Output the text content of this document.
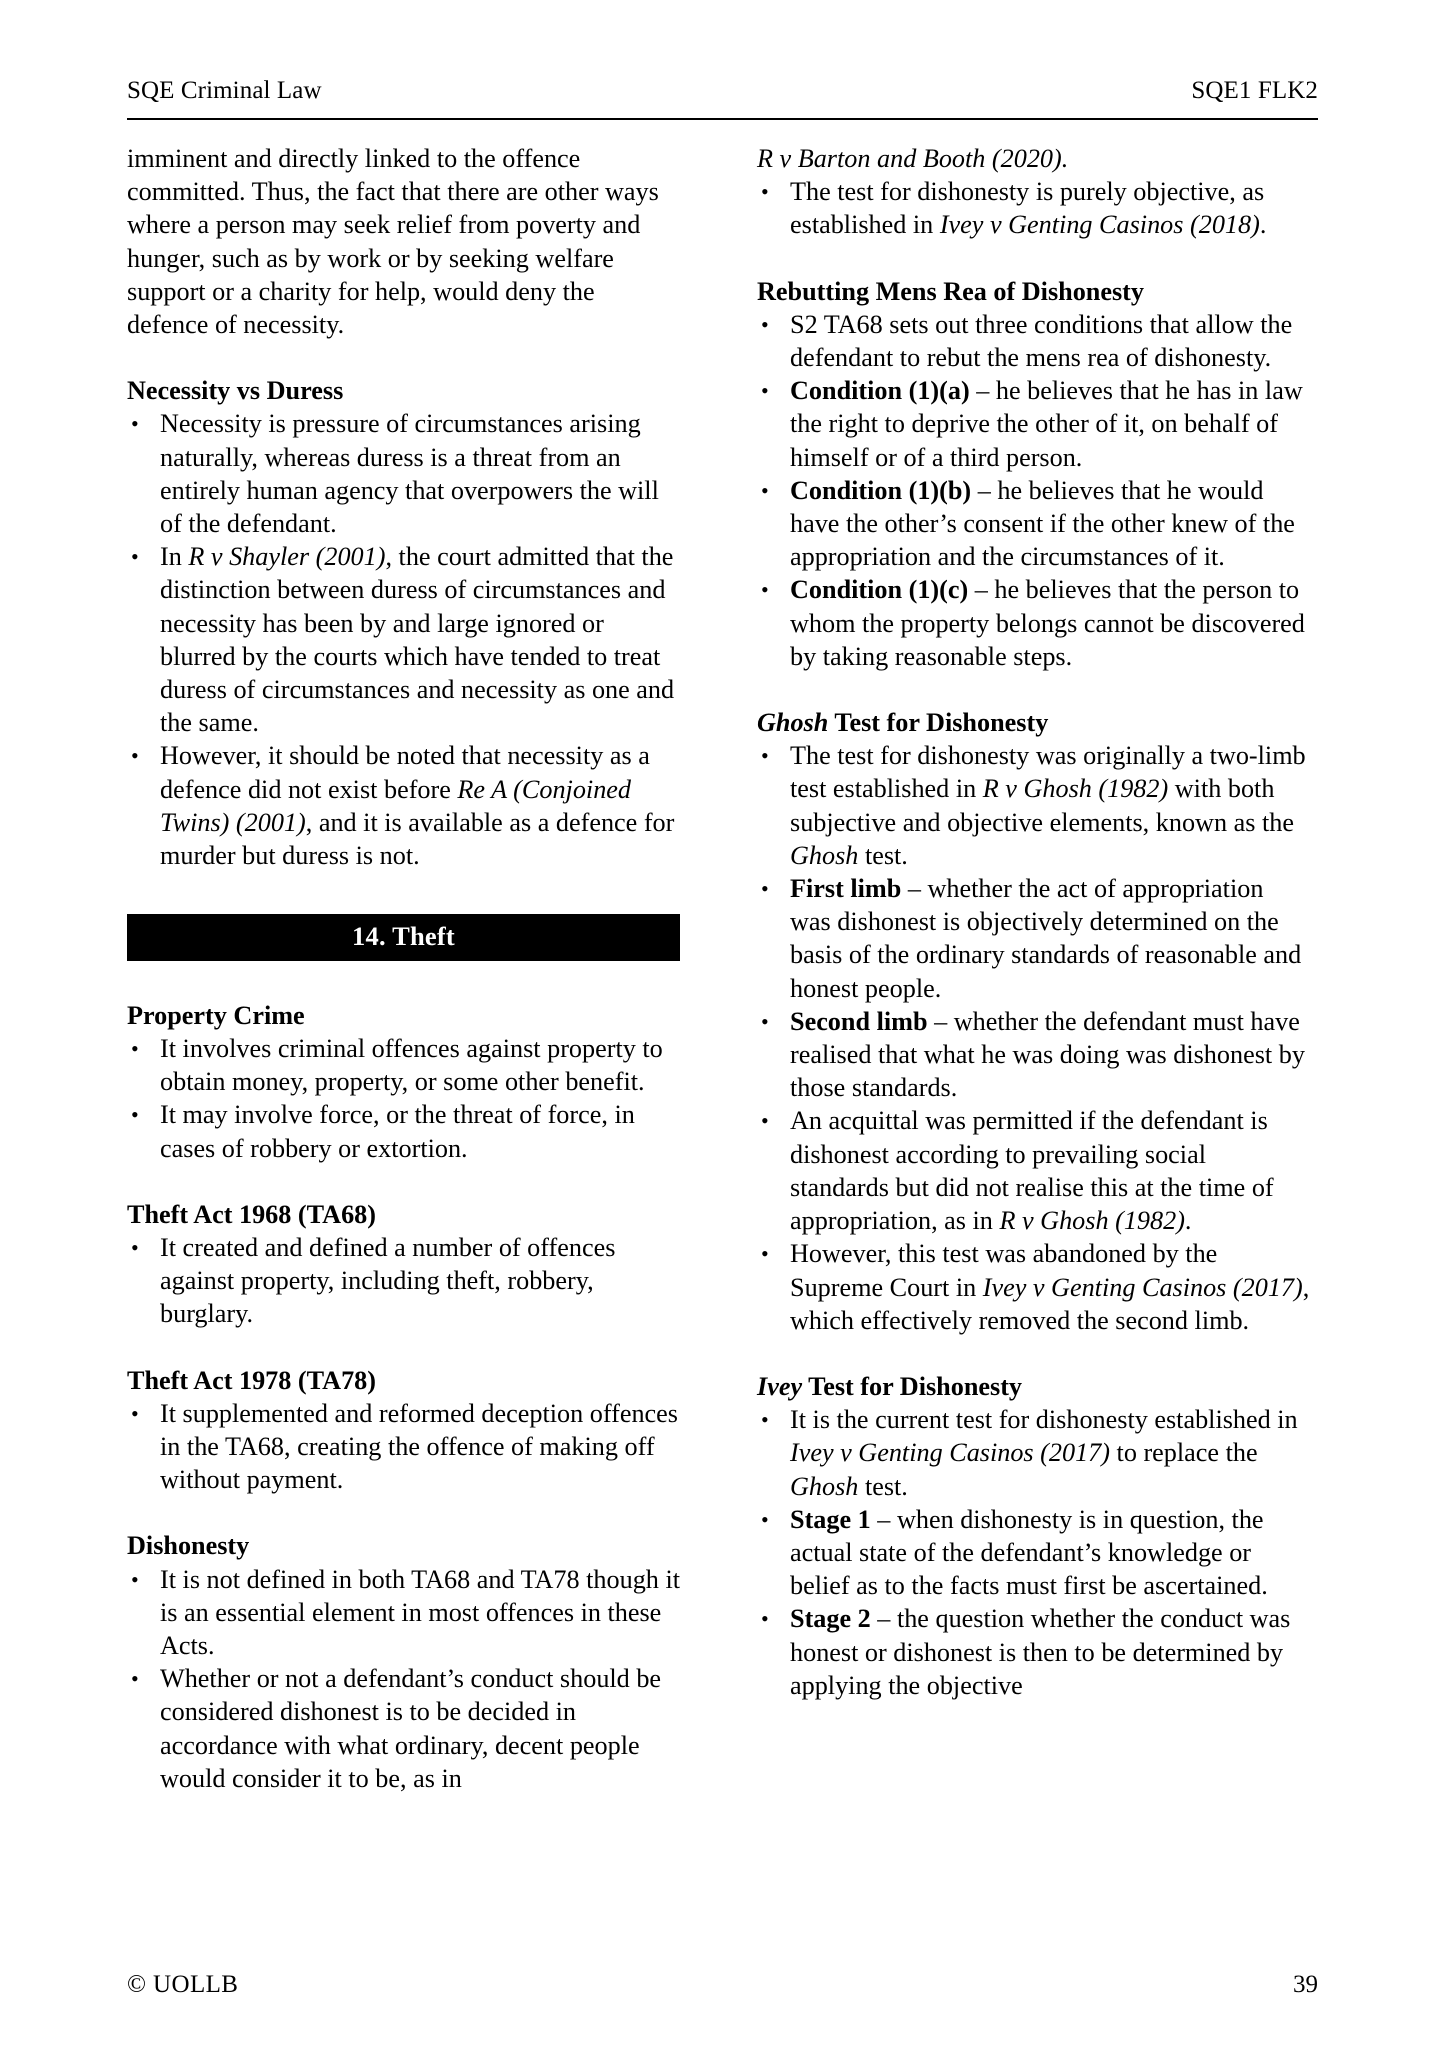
SQE Criminal Law	SQE1 FLK2

imminent and directly linked to the offence committed. Thus, the fact that there are other ways where a person may seek relief from poverty and hunger, such as by work or by seeking welfare support or a charity for help, would deny the defence of necessity.

Necessity vs Duress
• Necessity is pressure of circumstances arising naturally, whereas duress is a threat from an entirely human agency that overpowers the will of the defendant.
• In R v Shayler (2001), the court admitted that the distinction between duress of circumstances and necessity has been by and large ignored or blurred by the courts which have tended to treat duress of circumstances and necessity as one and the same.
• However, it should be noted that necessity as a defence did not exist before Re A (Conjoined Twins) (2001), and it is available as a defence for murder but duress is not.
14. Theft
Property Crime
• It involves criminal offences against property to obtain money, property, or some other benefit.
• It may involve force, or the threat of force, in cases of robbery or extortion.
Theft Act 1968 (TA68)
• It created and defined a number of offences against property, including theft, robbery, burglary.
Theft Act 1978 (TA78)
• It supplemented and reformed deception offences in the TA68, creating the offence of making off without payment.
Dishonesty
• It is not defined in both TA68 and TA78 though it is an essential element in most offences in these Acts.
• Whether or not a defendant’s conduct should be considered dishonest is to be decided in accordance with what ordinary, decent people would consider it to be, as in

R v Barton and Booth (2020).

• The test for dishonesty is purely objective, as established in Ivey v Genting Casinos (2018).
Rebutting Mens Rea of Dishonesty
• S2 TA68 sets out three conditions that allow the defendant to rebut the mens rea of dishonesty.
• Condition (1)(a) – he believes that he has in law the right to deprive the other of it, on behalf of himself or of a third person.
• Condition (1)(b) – he believes that he would have the other’s consent if the other knew of the appropriation and the circumstances of it.
• Condition (1)(c) – he believes that the person to whom the property belongs cannot be discovered by taking reasonable steps.
Ghosh Test for Dishonesty
• The test for dishonesty was originally a two-limb test established in R v Ghosh (1982) with both subjective and objective elements, known as the Ghosh test.
• First limb – whether the act of appropriation was dishonest is objectively determined on the basis of the ordinary standards of reasonable and honest people.
• Second limb – whether the defendant must have realised that what he was doing was dishonest by those standards.
• An acquittal was permitted if the defendant is dishonest according to prevailing social standards but did not realise this at the time of appropriation, as in R v Ghosh (1982).
• However, this test was abandoned by the Supreme Court in Ivey v Genting Casinos (2017), which effectively removed the second limb.
Ivey Test for Dishonesty
• It is the current test for dishonesty established in Ivey v Genting Casinos (2017) to replace the Ghosh test.
• Stage 1 – when dishonesty is in question, the actual state of the defendant’s knowledge or belief as to the facts must first be ascertained.
• Stage 2 – the question whether the conduct was honest or dishonest is then to be determined by applying the objective
© UOLLB	39
